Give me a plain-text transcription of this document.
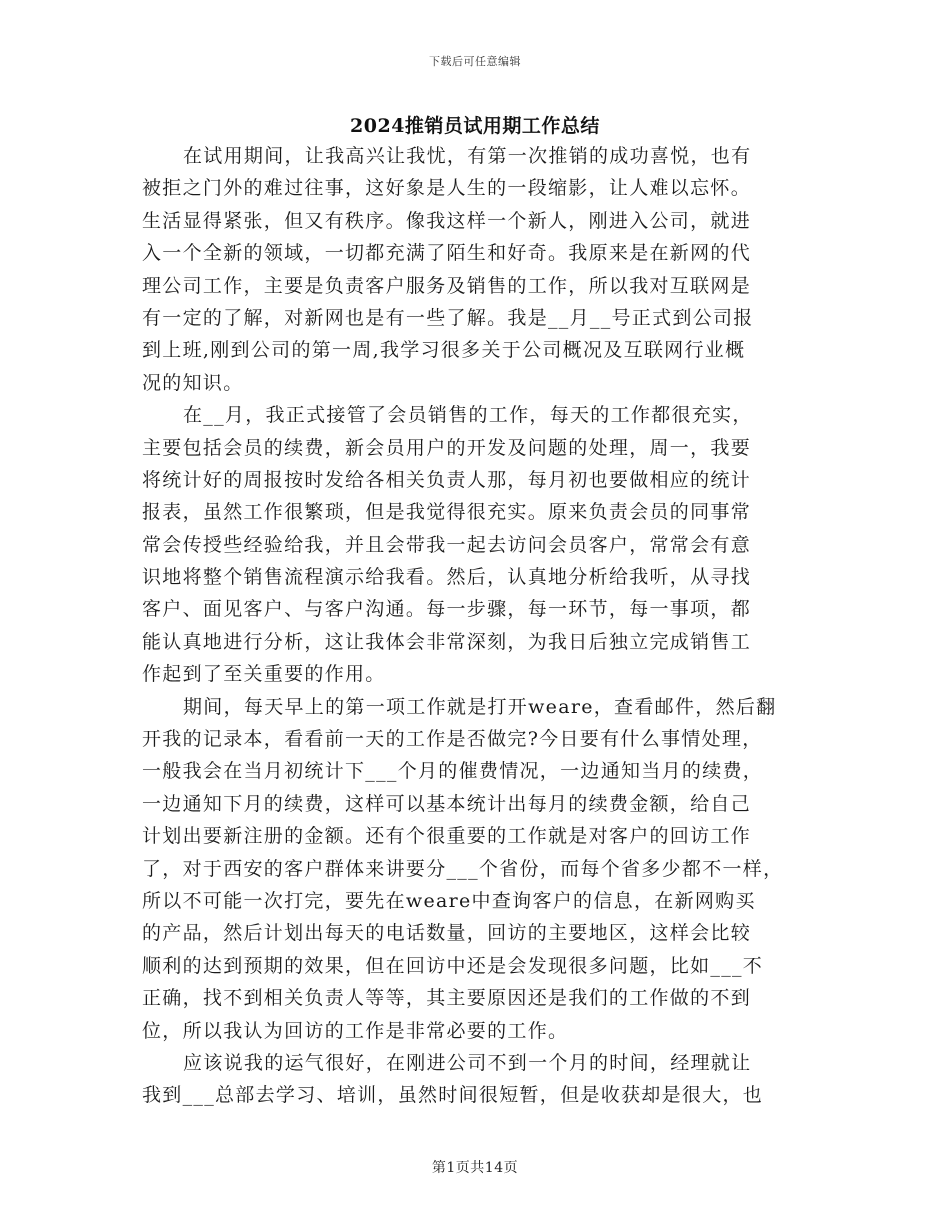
下载后可任意编辑
2024推销员试用期工作总结
在试用期间，让我高兴让我忧，有第一次推销的成功喜悦，也有
被拒之门外的难过往事，这好象是人生的一段缩影，让人难以忘怀。
生活显得紧张，但又有秩序。像我这样一个新人，刚进入公司，就进
入一个全新的领域，一切都充满了陌生和好奇。我原来是在新网的代
理公司工作，主要是负责客户服务及销售的工作，所以我对互联网是
有一定的了解，对新网也是有一些了解。我是__月__号正式到公司报
到上班,刚到公司的第一周,我学习很多关于公司概况及互联网行业概
况的知识。
在__月，我正式接管了会员销售的工作，每天的工作都很充实，
主要包括会员的续费，新会员用户的开发及问题的处理，周一，我要
将统计好的周报按时发给各相关负责人那，每月初也要做相应的统计
报表，虽然工作很繁琐，但是我觉得很充实。原来负责会员的同事常
常会传授些经验给我，并且会带我一起去访问会员客户，常常会有意
识地将整个销售流程演示给我看。然后，认真地分析给我听，从寻找
客户、面见客户、与客户沟通。每一步骤，每一环节，每一事项，都
能认真地进行分析，这让我体会非常深刻，为我日后独立完成销售工
作起到了至关重要的作用。
期间，每天早上的第一项工作就是打开weare，查看邮件，然后翻
开我的记录本，看看前一天的工作是否做完?今日要有什么事情处理，
一般我会在当月初统计下___个月的催费情况，一边通知当月的续费，
一边通知下月的续费，这样可以基本统计出每月的续费金额，给自己
计划出要新注册的金额。还有个很重要的工作就是对客户的回访工作
了，对于西安的客户群体来讲要分___个省份，而每个省多少都不一样，
所以不可能一次打完，要先在weare中查询客户的信息，在新网购买
的产品，然后计划出每天的电话数量，回访的主要地区，这样会比较
顺利的达到预期的效果，但在回访中还是会发现很多问题，比如___不
正确，找不到相关负责人等等，其主要原因还是我们的工作做的不到
位，所以我认为回访的工作是非常必要的工作。
应该说我的运气很好，在刚进公司不到一个月的时间，经理就让
我到___总部去学习、培训，虽然时间很短暂，但是收获却是很大，也
第1页共14页
